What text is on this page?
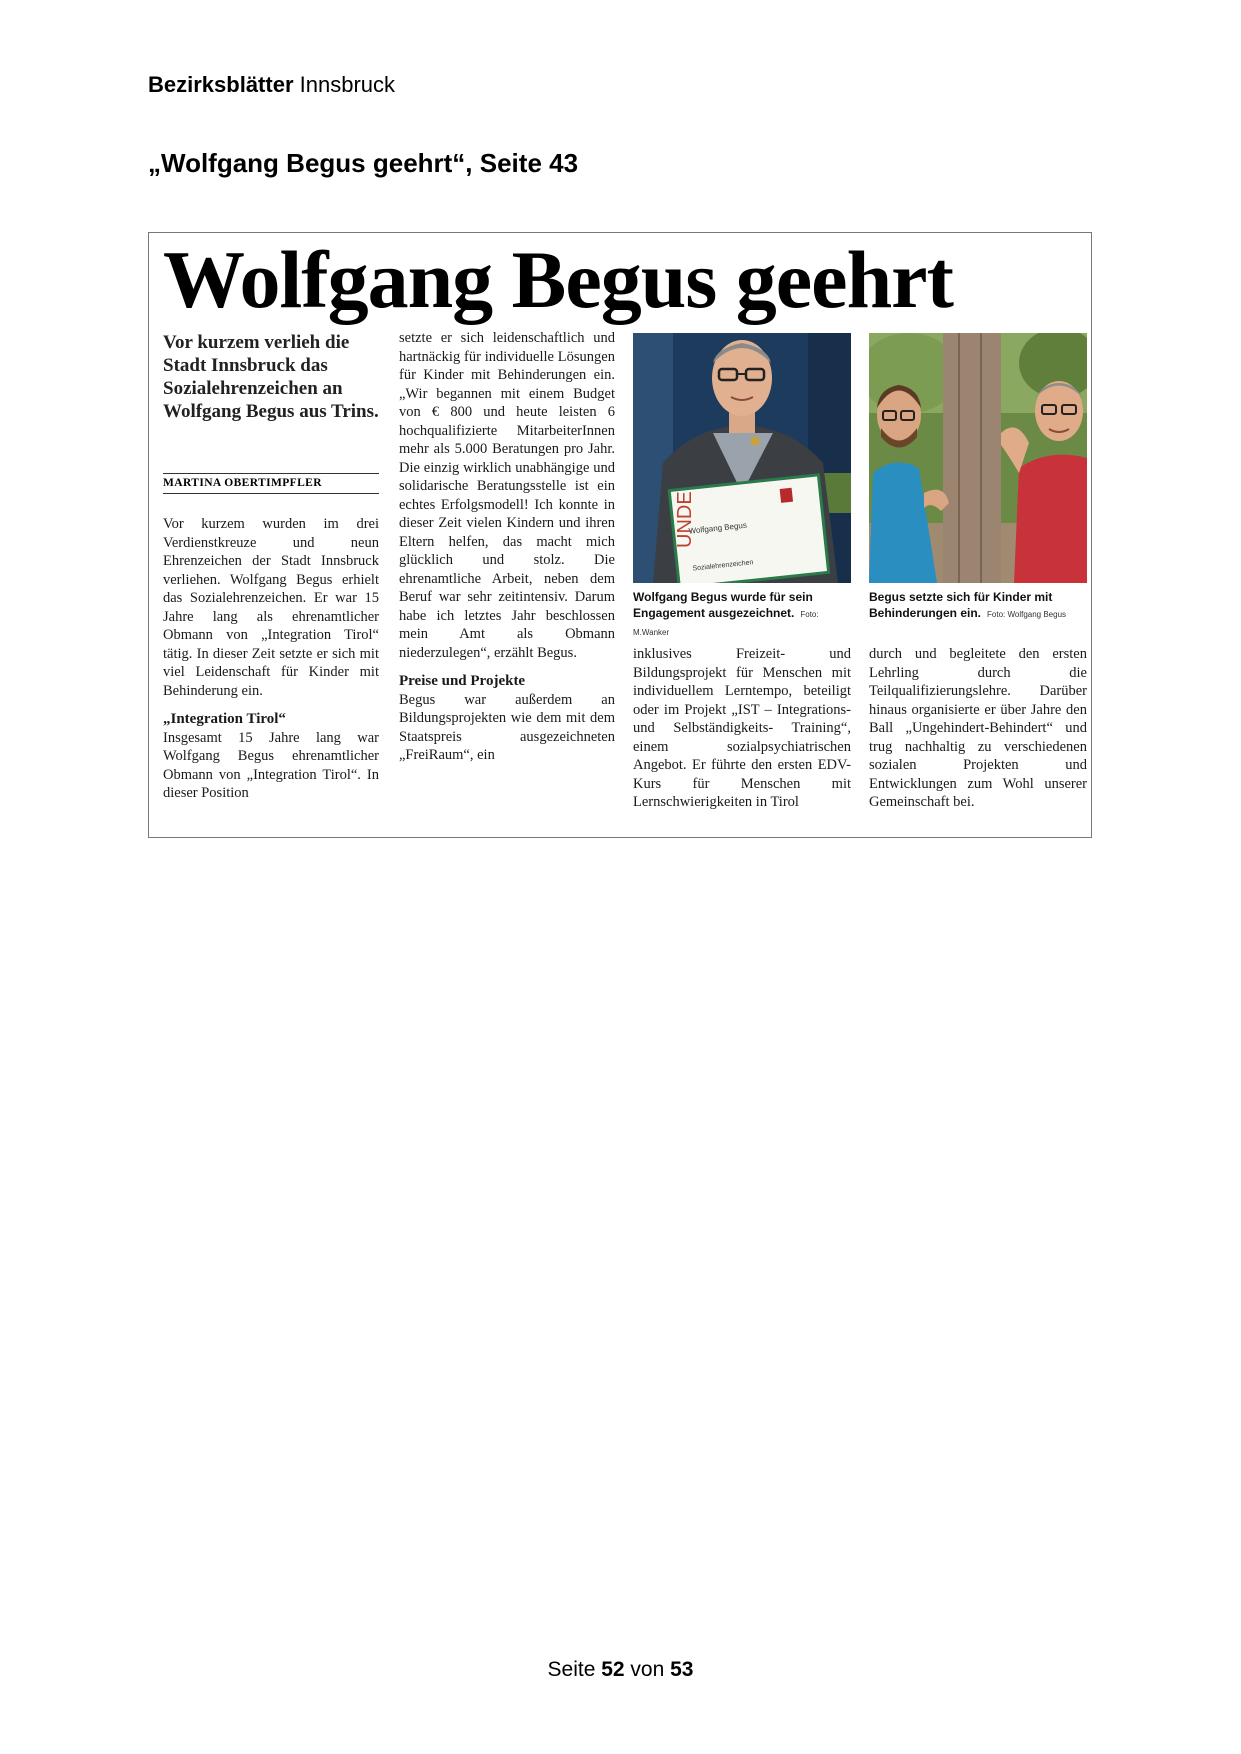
Bezirksblätter Innsbruck
„Wolfgang Begus geehrt“, Seite 43
Wolfgang Begus geehrt
Vor kurzem verlieh die Stadt Innsbruck das Sozialehrenzeichen an Wolfgang Begus aus Trins.
MARTINA OBERTIMPFLER

Vor kurzem wurden im drei Verdienstkreuze und neun Ehrenzeichen der Stadt Innsbruck verliehen. Wolfgang Begus erhielt das Sozialehrenzeichen. Er war 15 Jahre lang als ehrenamtlicher Obmann von „Integration Tirol“ tätig. In dieser Zeit setzte er sich mit viel Leidenschaft für Kinder mit Behinderung ein.

„Integration Tirol“

Insgesamt 15 Jahre lang war Wolfgang Begus ehrenamtlicher Obmann von „Integration Tirol“. In dieser Position

setzte er sich leidenschaftlich und hartnäckig für individuelle Lösungen für Kinder mit Behinderungen ein. „Wir begannen mit einem Budget von € 800 und heute leisten 6 hochqualifizierte MitarbeiterInnen mehr als 5.000 Beratungen pro Jahr. Die einzig wirklich unabhängige und solidarische Beratungsstelle ist ein echtes Erfolgsmodell! Ich konnte in dieser Zeit vielen Kindern und ihren Eltern helfen, das macht mich glücklich und stolz. Die ehrenamtliche Arbeit, neben dem Beruf war sehr zeitintensiv. Darum habe ich letztes Jahr beschlossen mein Amt als Obmann niederzulegen“, erzählt Begus.

Preise und Projekte

Begus war außerdem an Bildungsprojekten wie dem mit dem Staatspreis ausgezeichneten „FreiRaum“, ein

Wolfgang Begus
Sozialehrenzeichen
UNDE
Wolfgang Begus wurde für sein Engagement ausgezeichnet. Foto: M.Wanker
Begus setzte sich für Kinder mit Behinderungen ein. Foto: Wolfgang Begus

inklusives Freizeit- und Bildungsprojekt für Menschen mit individuellem Lerntempo, beteiligt oder im Projekt „IST – Integrations- und Selbständigkeits- Training“, einem sozialpsychiatrischen Angebot. Er führte den ersten EDV-Kurs für Menschen mit Lernschwierigkeiten in Tirol

durch und begleitete den ersten Lehrling durch die Teilqualifizierungslehre. Darüber hinaus organisierte er über Jahre den Ball „Ungehindert-Behindert“ und trug nachhaltig zu verschiedenen sozialen Projekten und Entwicklungen zum Wohl unserer Gemeinschaft bei.

Seite 52 von 53
